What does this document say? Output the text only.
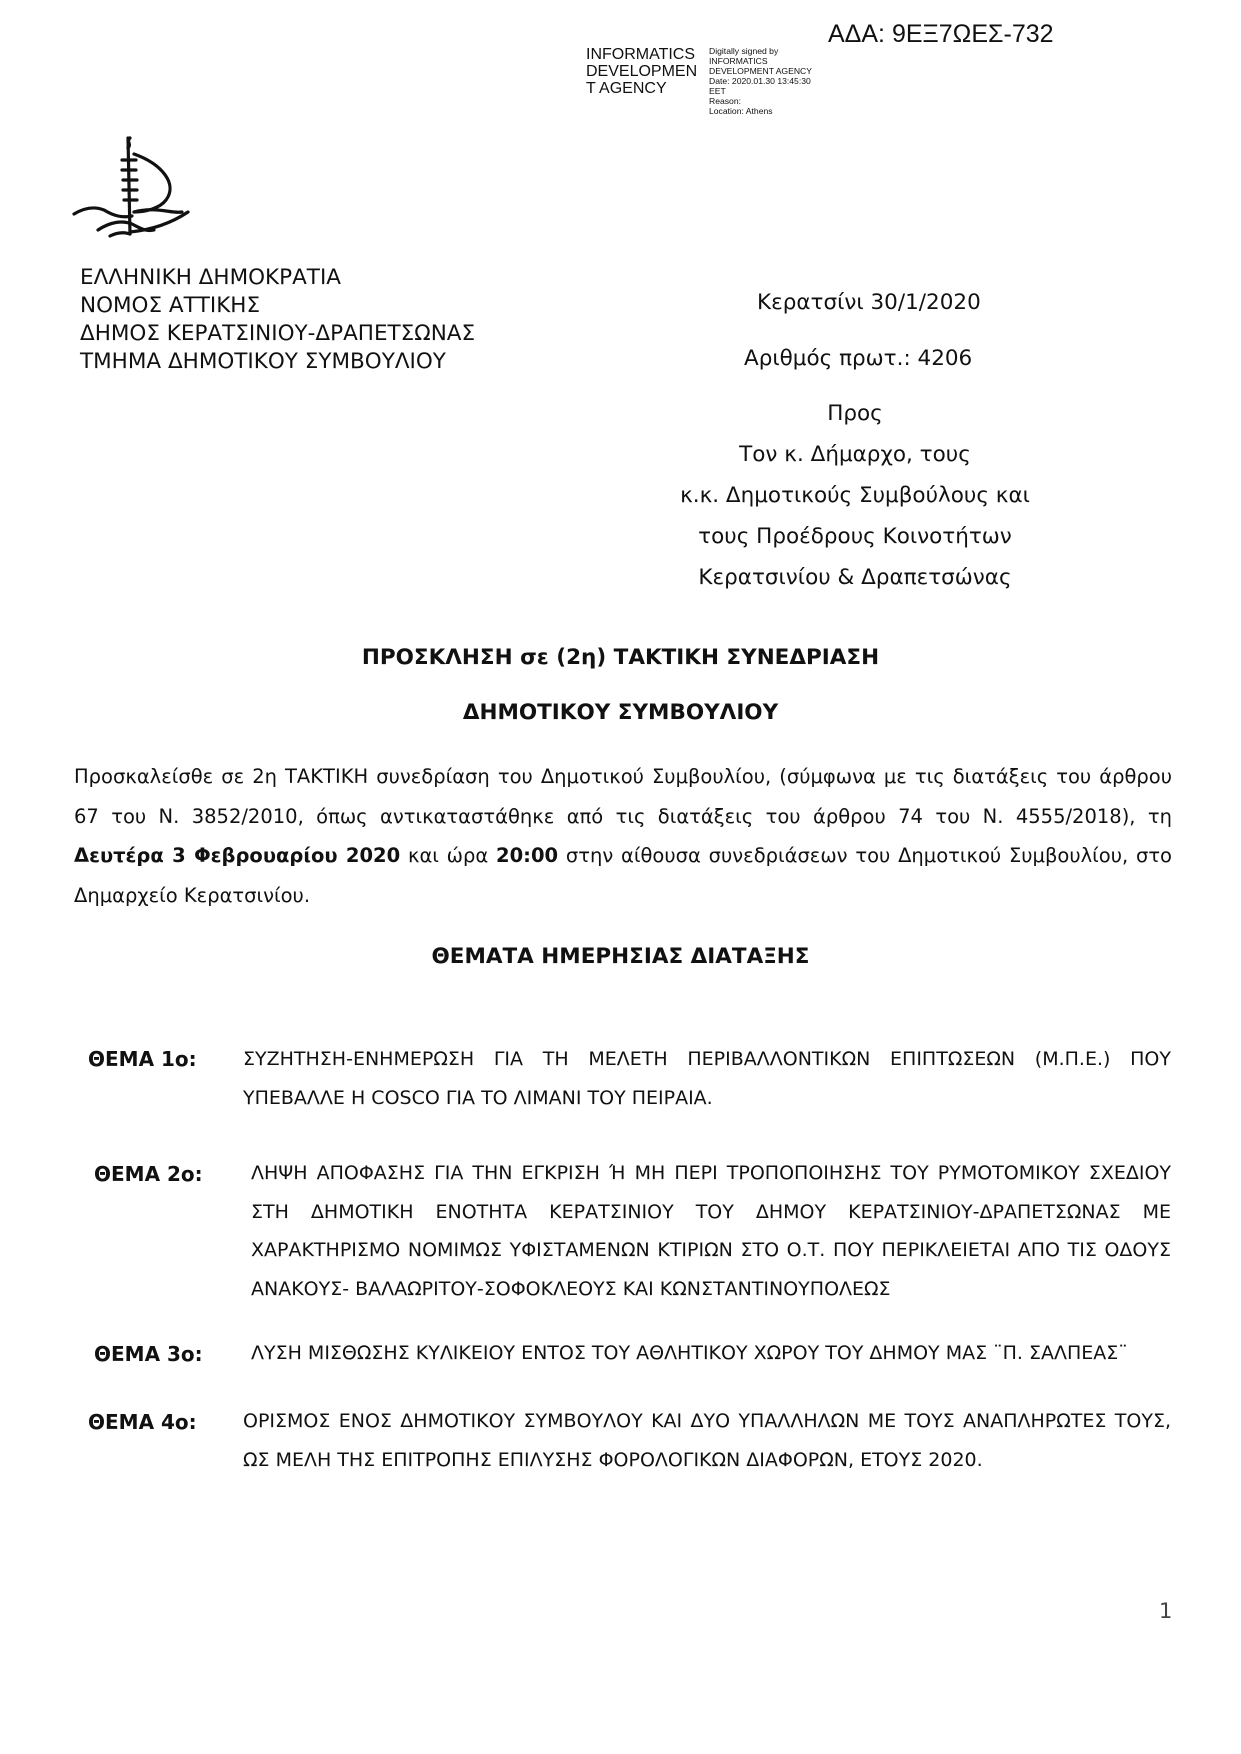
ΑΔΑ: 9ΕΞ7ΩΕΣ-732
INFORMATICS
DEVELOPMEN
T AGENCY
Digitally signed by
INFORMATICS
DEVELOPMENT AGENCY
Date: 2020.01.30 13:45:30
EET
Reason:
Location: Athens
ΕΛΛΗΝΙΚΗ ΔΗΜΟΚΡΑΤΙΑ
ΝΟΜΟΣ ΑΤΤΙΚΗΣ
ΔΗΜΟΣ ΚΕΡΑΤΣΙΝΙΟΥ-ΔΡΑΠΕΤΣΩΝΑΣ
ΤΜΗΜΑ ΔΗΜΟΤΙΚΟΥ ΣΥΜΒΟΥΛΙΟΥ
Κερατσίνι 30/1/2020
Αριθμός πρωτ.: 4206
Προς
Τον κ. Δήμαρχο, τους
κ.κ. Δημοτικούς Συμβούλους και
τους Προέδρους Κοινοτήτων
Κερατσινίου & Δραπετσώνας
ΠΡΟΣΚΛΗΣΗ σε (2η) ΤΑΚΤΙΚΗ ΣΥΝΕΔΡΙΑΣΗ
ΔΗΜΟΤΙΚΟΥ ΣΥΜΒΟΥΛΙΟΥ
Προσκαλείσθε σε 2η ΤΑΚΤΙΚΗ συνεδρίαση του Δημοτικού Συμβουλίου, (σύμφωνα με τις διατάξεις του άρθρου 67 του Ν. 3852/2010, όπως αντικαταστάθηκε από τις διατάξεις του άρθρου 74 του Ν. 4555/2018), τη Δευτέρα 3 Φεβρουαρίου 2020 και ώρα 20:00 στην αίθουσα συνεδριάσεων του Δημοτικού Συμβουλίου, στο Δημαρχείο Κερατσινίου.
ΘΕΜΑΤΑ ΗΜΕΡΗΣΙΑΣ ΔΙΑΤΑΞΗΣ
ΘΕΜΑ 1ο: ΣΥΖΗΤΗΣΗ-ΕΝΗΜΕΡΩΣΗ ΓΙΑ ΤΗ ΜΕΛΕΤΗ ΠΕΡΙΒΑΛΛΟΝΤΙΚΩΝ ΕΠΙΠΤΩΣΕΩΝ (Μ.Π.Ε.) ΠΟΥ ΥΠΕΒΑΛΛΕ Η COSCO ΓΙΑ ΤΟ ΛΙΜΑΝΙ ΤΟΥ ΠΕΙΡΑΙΑ.
ΘΕΜΑ 2ο:	ΛΗΨΗ ΑΠΟΦΑΣΗΣ ΓΙΑ ΤΗΝ ΕΓΚΡΙΣΗ Ή ΜΗ ΠΕΡΙ ΤΡΟΠΟΠΟΙΗΣΗΣ ΤΟΥ ΡΥΜΟΤΟΜΙΚΟΥ ΣΧΕΔΙΟΥ ΣΤΗ ΔΗΜΟΤΙΚΗ ΕΝΟΤΗΤΑ ΚΕΡΑΤΣΙΝΙΟΥ ΤΟΥ ΔΗΜΟΥ ΚΕΡΑΤΣΙΝΙΟΥ-ΔΡΑΠΕΤΣΩΝΑΣ ΜΕ ΧΑΡΑΚΤΗΡΙΣΜΟ ΝΟΜΙΜΩΣ ΥΦΙΣΤΑΜΕΝΩΝ ΚΤΙΡΙΩΝ ΣΤΟ Ο.Τ. ΠΟΥ ΠΕΡΙΚΛΕΙΕΤΑΙ ΑΠΟ ΤΙΣ ΟΔΟΥΣ ΑΝΑΚΟΥΣ- ΒΑΛΑΩΡΙΤΟΥ-ΣΟΦΟΚΛΕΟΥΣ ΚΑΙ ΚΩΝΣΤΑΝΤΙΝΟΥΠΟΛΕΩΣ
ΘΕΜΑ 3ο:	ΛΥΣΗ ΜΙΣΘΩΣΗΣ ΚΥΛΙΚΕΙΟΥ ΕΝΤΟΣ ΤΟΥ ΑΘΛΗΤΙΚΟΥ ΧΩΡΟΥ ΤΟΥ ΔΗΜΟΥ ΜΑΣ ¨Π. ΣΑΛΠΕΑΣ¨
ΘΕΜΑ 4ο: ΟΡΙΣΜΟΣ ΕΝΟΣ ΔΗΜΟΤΙΚΟΥ ΣΥΜΒΟΥΛΟΥ ΚΑΙ ΔΥΟ ΥΠΑΛΛΗΛΩΝ ΜΕ ΤΟΥΣ ΑΝΑΠΛΗΡΩΤΕΣ ΤΟΥΣ, ΩΣ ΜΕΛΗ ΤΗΣ ΕΠΙΤΡΟΠΗΣ ΕΠΙΛΥΣΗΣ ΦΟΡΟΛΟΓΙΚΩΝ ΔΙΑΦΟΡΩΝ, ΕΤΟΥΣ 2020.
1
